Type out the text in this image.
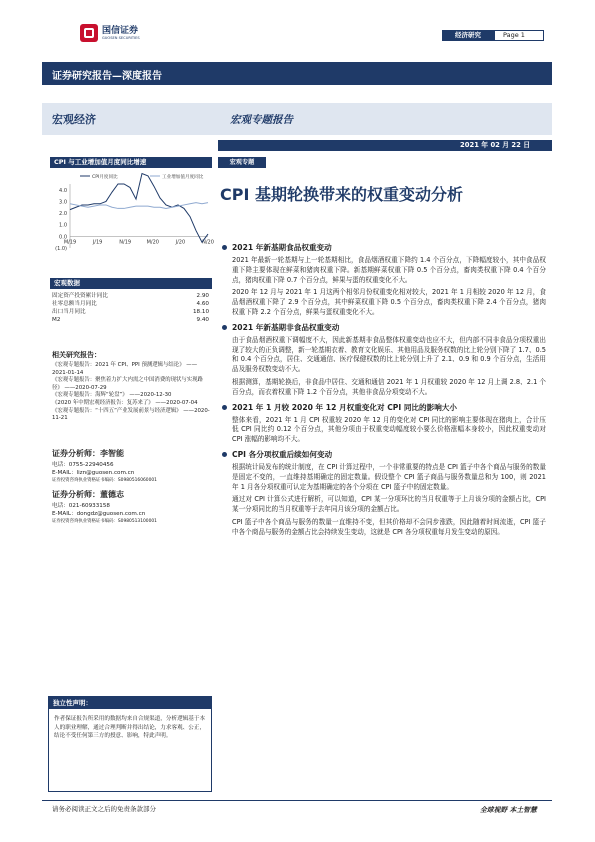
国信证券
GUOSEN SECURITIES	经济研究	Page 1
证券研究报告—深度报告
宏观经济	宏观专题报告
2021 年 02 月 22 日
CPI 与工业增加值月度同比增速
CPI月度同比	工业增加值月度同比
4.0
3.0
2.0
1.0
0.0
(1.0)
M/19	J/19	N/19	M/20	J/20	N/20
宏观数据
固定资产投资累计同比	2.90
社零总额当月同比	4.60
出口当月同比	18.10
M2	9.40
相关研究报告：
《宏观专题报告：2021 年 CPI、PPI 预测逻辑与结论》 ——2021-01-14
《宏观专题报告：聚焦着力扩大内需之中国消费的现状与实现路径》 ——2020-07-29
《宏观专题报告：海辉“轮盘”》 ——2020-12-30
《2020 年中期宏观经济报告：复苏来了》 ——2020-07-04
《宏观专题报告：“十四五”产业发展前景与经济逻辑》 ——2020-11-21
证券分析师：李智能
电话：0755-22940456
E-MAIL：lizn@guosen.com.cn
证券投资咨询执业资格证书编码：S0980516060001
证券分析师：董德志
电话：021-60933158
E-MAIL：dongdz@guosen.com.cn
证券投资咨询执业资格证书编码：S0980513100001
独立性声明：
作者保证报告所采用的数据均来自合规渠道，分析逻辑基于本人的职业理解，通过合理判断并得出结论，力求客观、公正，结论不受任何第三方的授意、影响，特此声明。
宏观专题
CPI 基期轮换带来的权重变动分析
2021 年新基期食品权重变动

2021 年最新一轮基期与上一轮基期相比，食品烟酒权重下降约 1.4 个百分点，下降幅度较小，其中食品权重下降主要体现在鲜菜和猪肉权重下降。新基期鲜菜权重下降 0.5 个百分点，畜肉类权重下降 0.4 个百分点，猪肉权重下降 0.7 个百分点，鲜果与蛋的权重变化不大。

2020 年 12 月与 2021 年 1 月这两个相邻月份权重变化相对较大，2021 年 1 月相较 2020 年 12 月，食品烟酒权重下降了 2.9 个百分点，其中鲜菜权重下降 0.5 个百分点，畜肉类权重下降 2.4 个百分点，猪肉权重下降 2.2 个百分点，鲜果与蛋权重变化不大。

2021 年新基期非食品权重变动

由于食品烟酒权重下调幅度不大，因此新基期非食品整体权重变动也应不大，但内部不同非食品分项权重出现了较大的正负调整，新一轮基期衣着、教育文化娱乐、其他用品及服务权数的比上轮分别下降了 1.7、0.5 和 0.4 个百分点，居住、交通通信、医疗保健权数的比上轮分别上升了 2.1、0.9 和 0.9 个百分点，生活用品及服务权数变动不大。

根据测算，基期轮换后，非食品中居住、交通和通信 2021 年 1 月权重较 2020 年 12 月上调 2.8、2.1 个百分点，而衣着权重下降 1.2 个百分点，其他非食品分项变动不大。

2021 年 1 月较 2020 年 12 月权重变化对 CPI 同比的影响大小

整体来看，2021 年 1 月 CPI 权重较 2020 年 12 月的变化对 CPI 同比的影响主要体现在猪肉上，合计压低 CPI 同比约 0.12 个百分点，其他分项由于权重变动幅度较小要么价格涨幅本身较小，因此权重变动对 CPI 涨幅的影响均不大。

CPI 各分项权重后续如何变动

根据统计局发布的统计制度，在 CPI 计算过程中，一个非常重要的特点是 CPI 篮子中各个商品与服务的数量是固定不变的，一直维持基期确定的固定数量。假设整个 CPI 篮子商品与服务数量总和为 100，则 2021 年 1 月各分项权重可认定为基期确定的各个分项在 CPI 篮子中的固定数量。

通过对 CPI 计算公式进行解析，可以知道，CPI 某一分项环比的当月权重等于上月该分项的金额占比，CPI 某一分项同比的当月权重等于去年同月该分项的金额占比。

CPI 篮子中各个商品与服务的数量一直维持不变，但其价格却不会同步涨跌，因此随着时间流逝，CPI 篮子中各个商品与服务的金额占比会持续发生变动，这就是 CPI 各分项权重每月发生变动的原因。

请务必阅读正文之后的免责条款部分	全球视野 本土智慧
